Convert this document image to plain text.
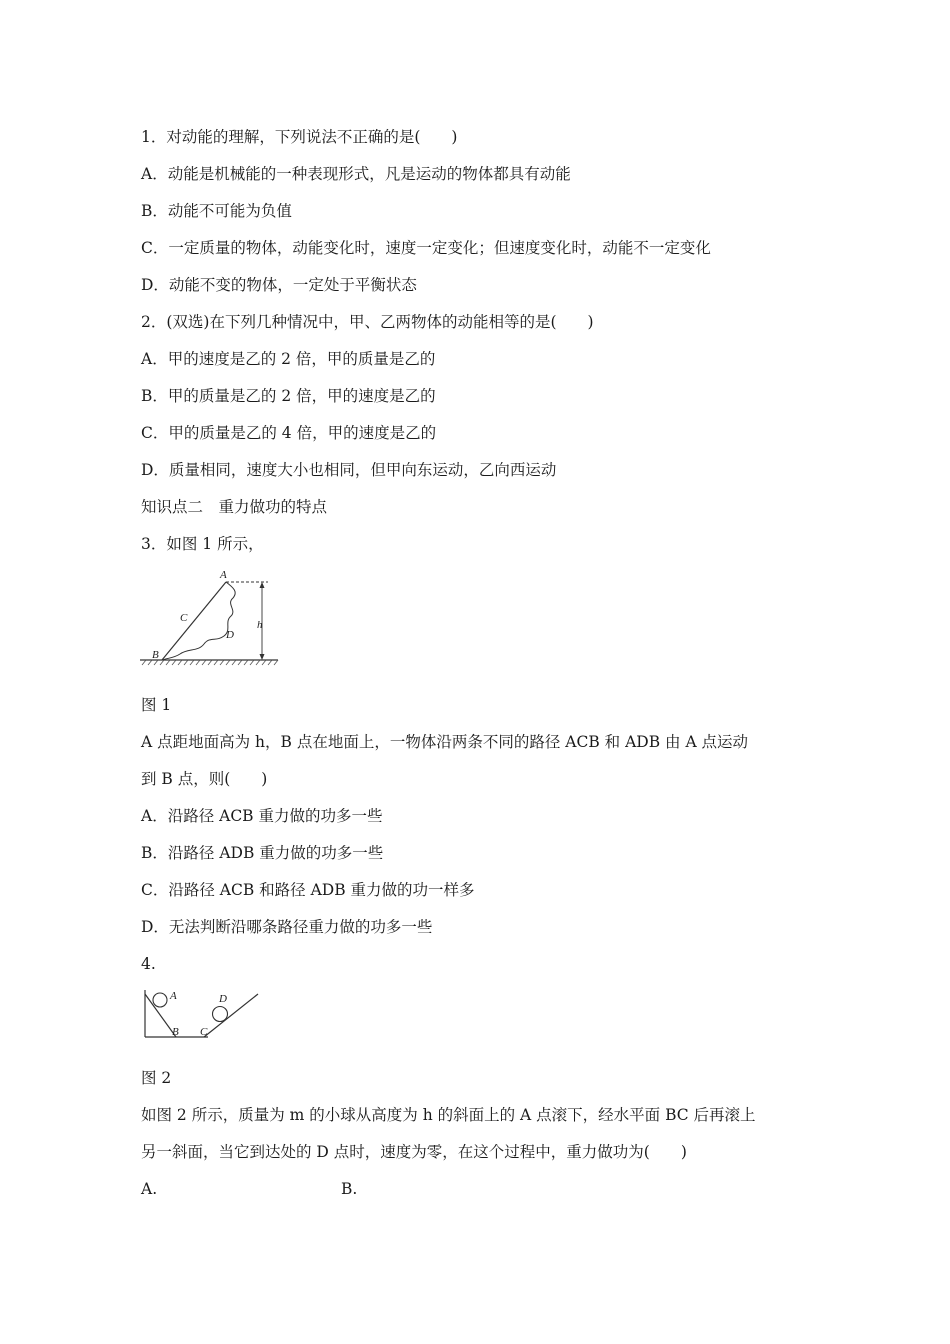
1．对动能的理解，下列说法不正确的是(　　)
A．动能是机械能的一种表现形式，凡是运动的物体都具有动能
B．动能不可能为负值
C．一定质量的物体，动能变化时，速度一定变化；但速度变化时，动能不一定变化
D．动能不变的物体，一定处于平衡状态
2．(双选)在下列几种情况中，甲、乙两物体的动能相等的是(　　)
A．甲的速度是乙的 2 倍，甲的质量是乙的
B．甲的质量是乙的 2 倍，甲的速度是乙的
C．甲的质量是乙的 4 倍，甲的速度是乙的
D．质量相同，速度大小也相同，但甲向东运动，乙向西运动
知识点二　重力做功的特点
3．如图 1 所示，
A
B
C
D
h
图 1
A 点距地面高为 h，B 点在地面上，一物体沿两条不同的路径 ACB 和 ADB 由 A 点运动
到 B 点，则(　　)
A．沿路径 ACB 重力做的功多一些
B．沿路径 ADB 重力做的功多一些
C．沿路径 ACB 和路径 ADB 重力做的功一样多
D．无法判断沿哪条路径重力做的功多一些
4.
A
B C
D
图 2
如图 2 所示，质量为 m 的小球从高度为 h 的斜面上的 A 点滚下，经水平面 BC 后再滚上
另一斜面，当它到达处的 D 点时，速度为零，在这个过程中，重力做功为(　　)
A.	B.
